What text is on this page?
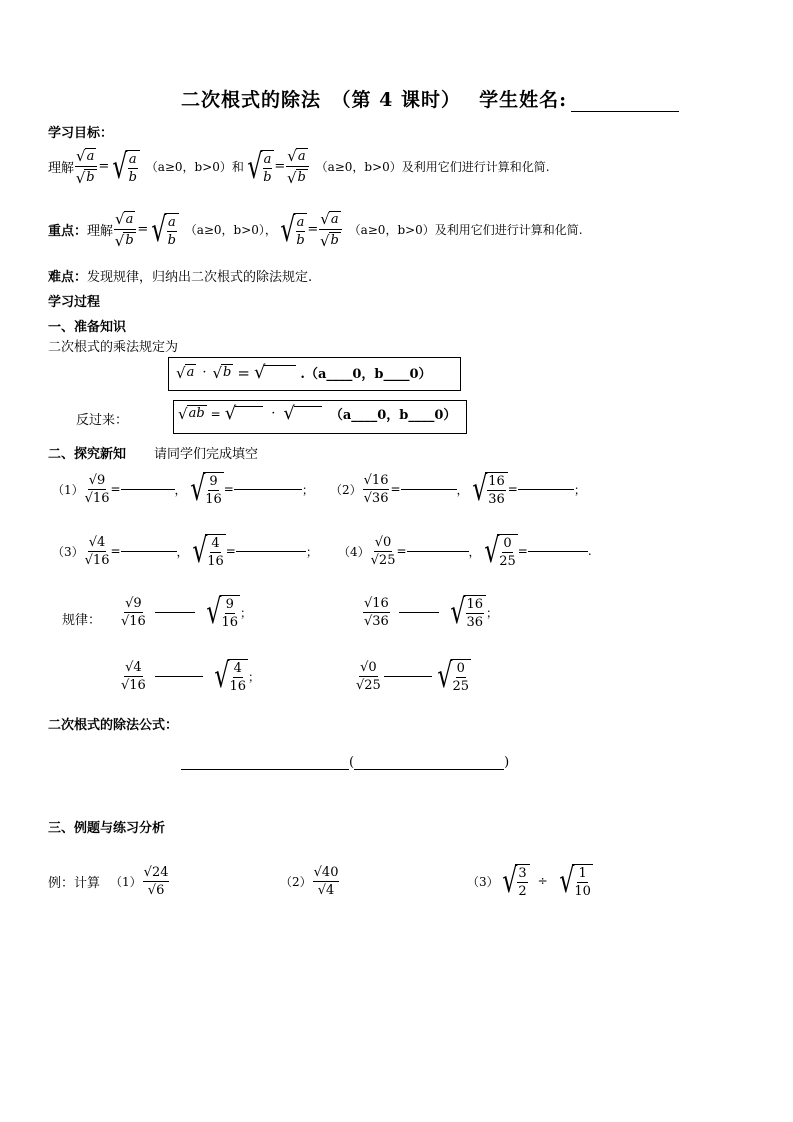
二次根式的除法　（第 4 课时）　 学生姓名:
学习目标：
理解 $\frac{√ a}{√ b}$ = √ $\frac{a}{b} (a\ge 0$，b>0）和 √ $\frac{a}{b} = \frac{√ a}{√ b} (a\ge 0$，b>0）及利用它们进行计算和化简.
重点： 理解 $\frac{√ a}{√ b}$ = √ $\frac{a}{b} (a\ge 0$，b>0）， √ $\frac{a}{b} = \frac{√ a}{√ b} (a\ge 0$，b>0）及利用它们进行计算和化简.
难点：发现规律，归纳出二次根式的除法规定.
学习过程
一、准备知识
二次根式的乘法规定为
√ a · √ b = √
	.（a____0，b____0）
反过来：	√ ab = √
	· √
	（a____0，b____0）
二、探究新知 请同学们完成填空
$(1) \frac{√9}{√16}$ =	， √ $\frac{9}{16}$ =	； $(2) \frac{√16}{√36}$ =	， √ $\frac{16}{36}$ =	；
$(3) \frac{√4}{√16}$ =	， √ $\frac{4}{16}$ =	； $(4) \frac{√0}{√25}$ =	， √ $\frac{0}{25}$ =	.
规律： $\frac{√9}{√16}$ √ $\frac{9}{16}$ ；	$\frac{√16}{√36}$ √ $\frac{16}{36}$ ；
$\frac{√4}{√16}$ √ $\frac{4}{16}$ ；	$\frac{√0}{√25}$ √ $\frac{0}{25}$
二次根式的除法公式：
(	)
三、例题与练习分析
例：计算 $(1) \frac{√24}{√6}$	$(2) \frac{√40}{√4}$	（3） √ $\frac{3}{2}$ ÷ √ $\frac{1}{10}$
